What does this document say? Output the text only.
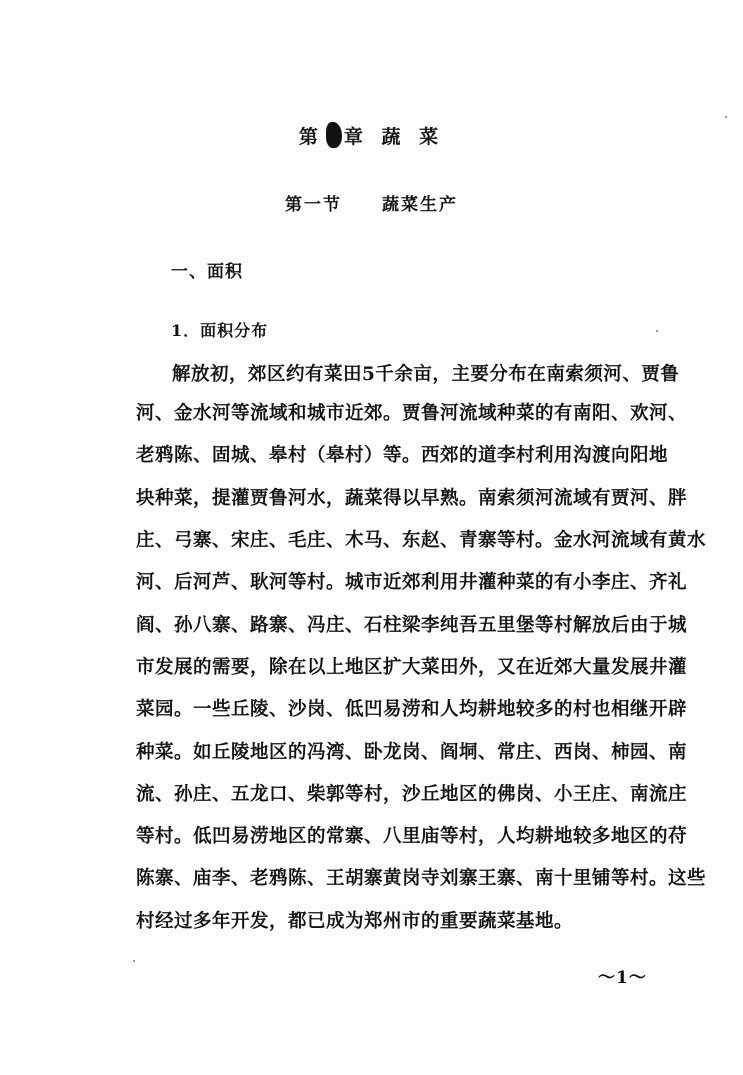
第 章 蔬 菜
第一节 蔬菜生产
一、面积
1．面积分布
解放初，郊区约有菜田5千余亩，主要分布在南索须河、贾鲁
河、金水河等流域和城市近郊。贾鲁河流域种菜的有南阳、欢河、
老鸦陈、固城、皋村（皋村）等。西郊的道李村利用沟渡向阳地
块种菜，提灌贾鲁河水，蔬菜得以早熟。南索须河流域有贾河、胖
庄、弓寨、宋庄、毛庄、木马、东赵、青寨等村。金水河流域有黄水
河、后河芦、耿河等村。城市近郊利用井灌种菜的有小李庄、齐礼
阎、孙八寨、路寨、冯庄、石柱梁李纯吾五里堡等村解放后由于城
市发展的需要，除在以上地区扩大菜田外，又在近郊大量发展井灌
菜园。一些丘陵、沙岗、低凹易涝和人均耕地较多的村也相继开辟
种菜。如丘陵地区的冯湾、卧龙岗、阎垌、常庄、西岗、柿园、南
流、孙庄、五龙口、柴郭等村，沙丘地区的佛岗、小王庄、南流庄
等村。低凹易涝地区的常寨、八里庙等村，人均耕地较多地区的苻
陈寨、庙李、老鸦陈、王胡寨黄岗寺刘寨王寨、南十里铺等村。这些
村经过多年开发，都已成为郑州市的重要蔬菜基地。
～1～
